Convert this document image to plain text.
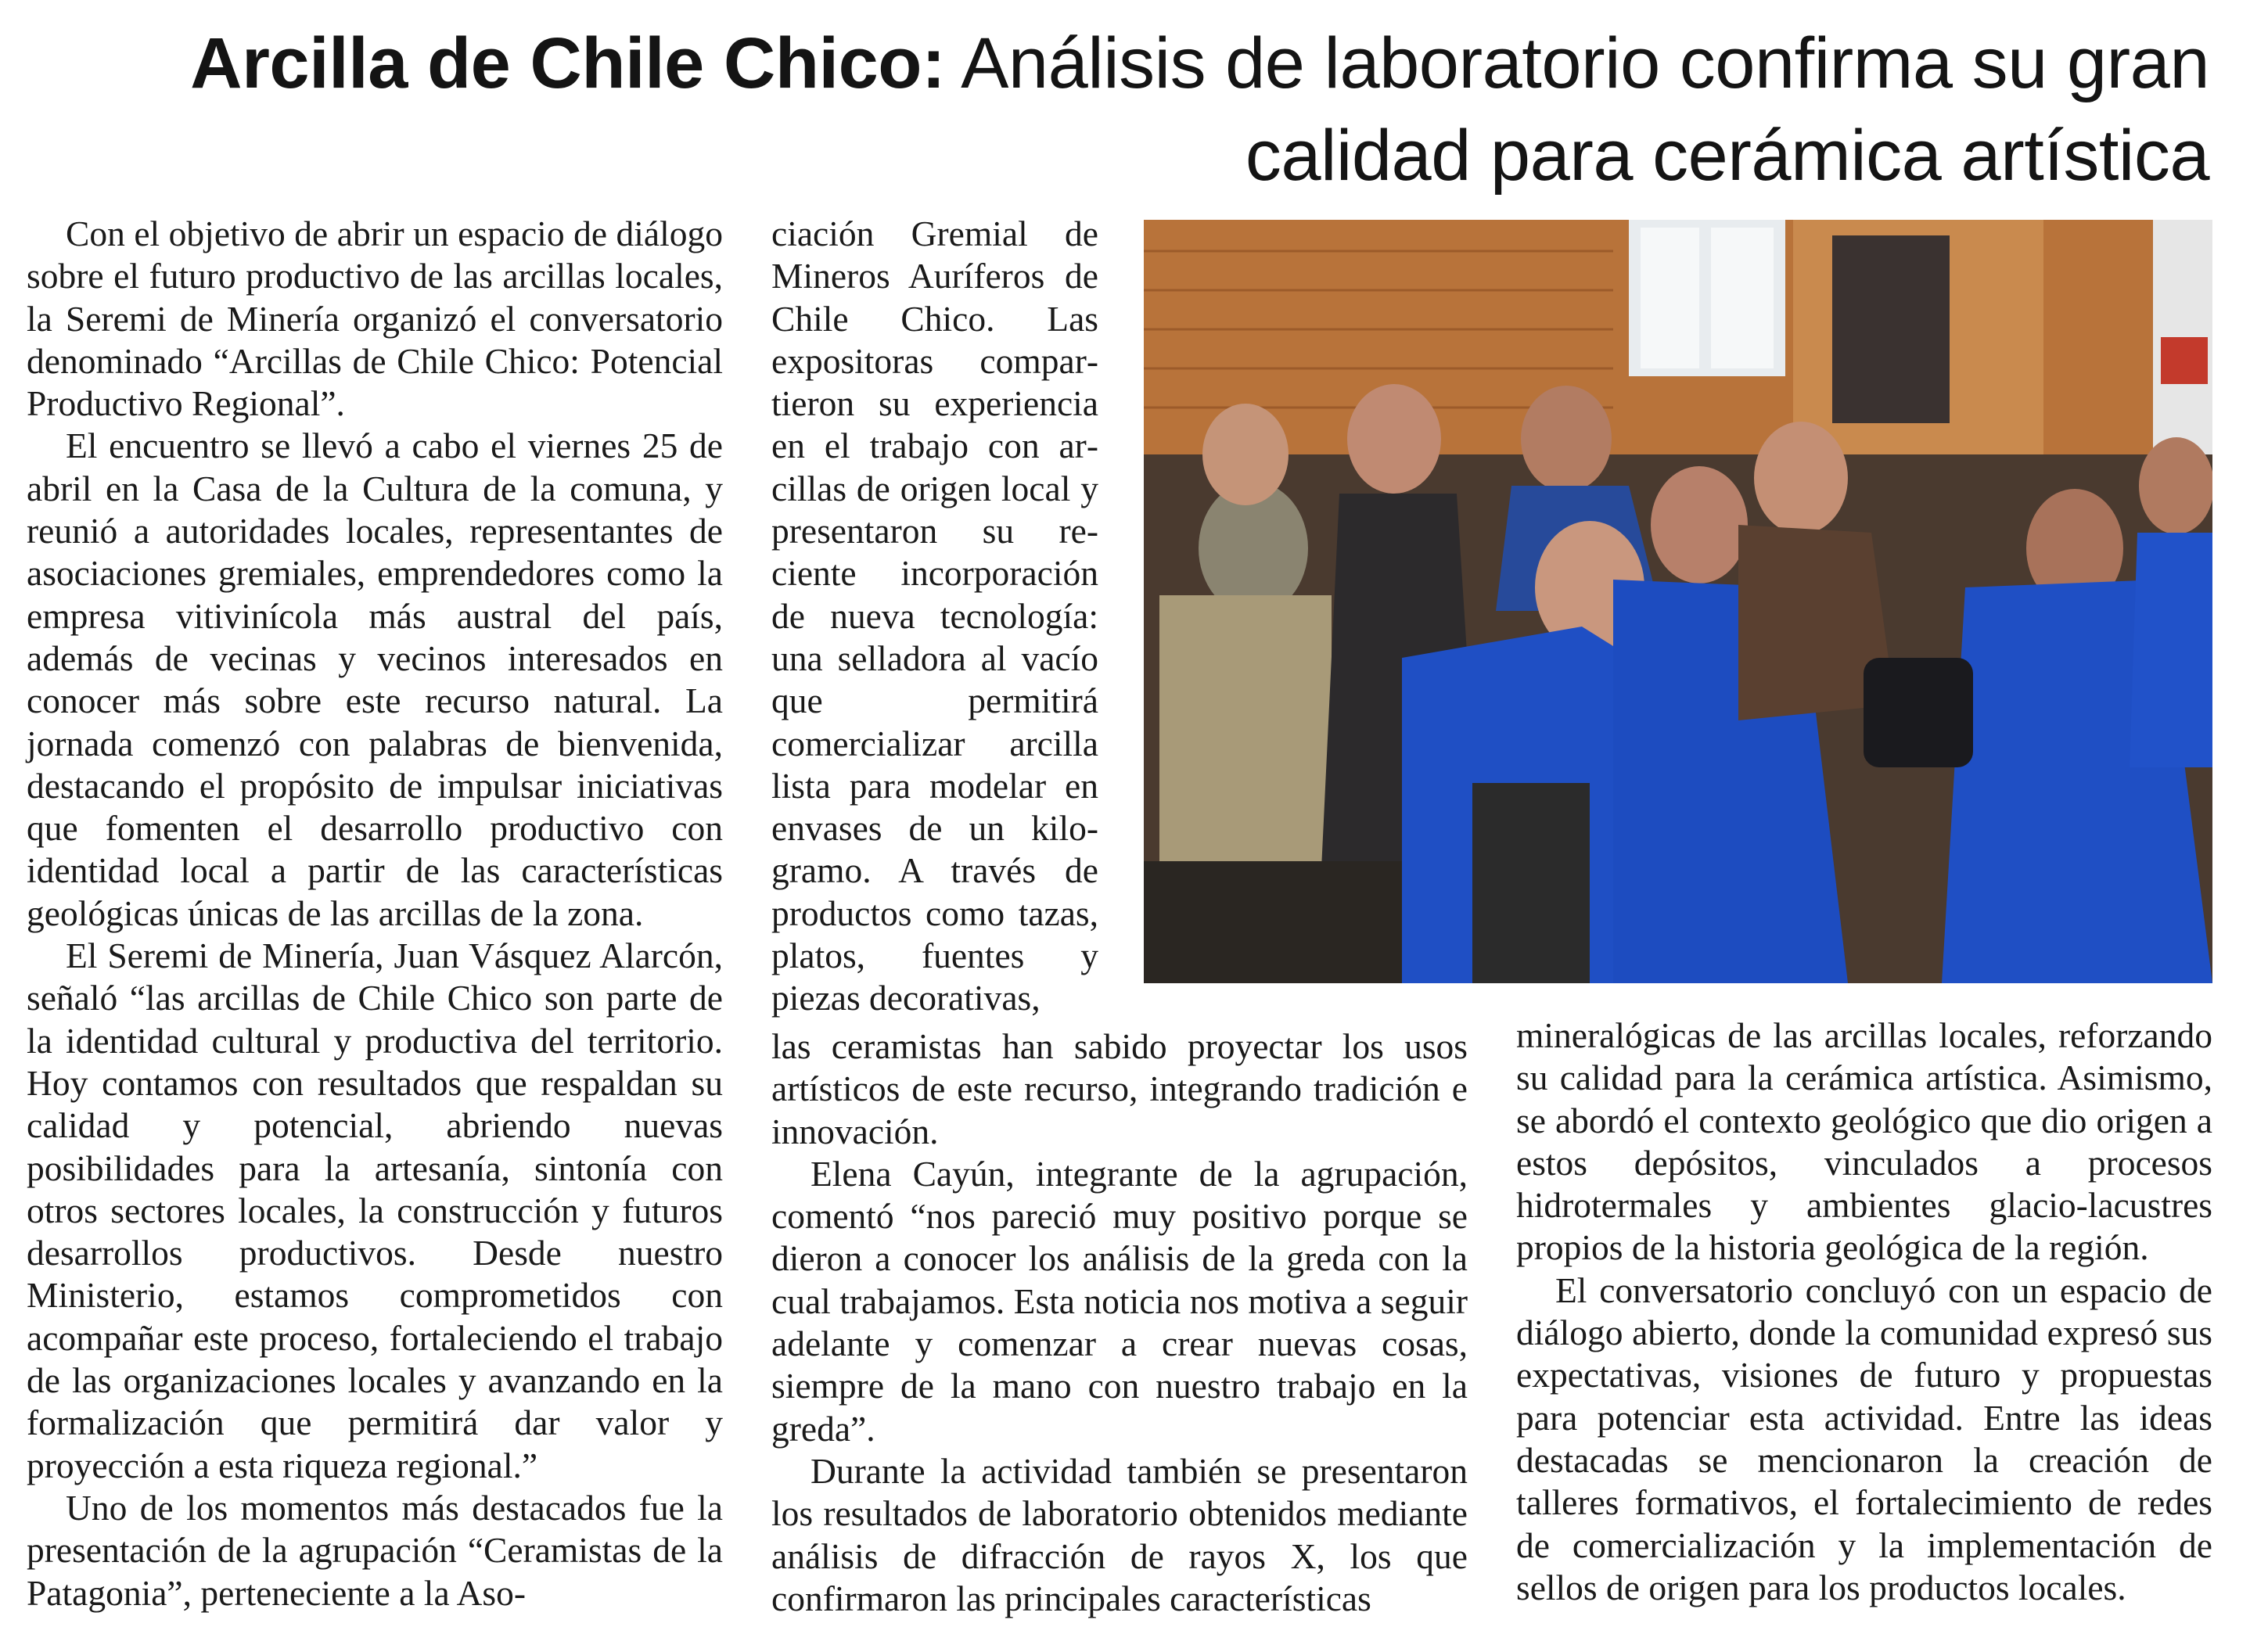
Arcilla de Chile Chico: Análisis de laboratorio confirma su gran calidad para cerámica artística

Con el objetivo de abrir un espacio de diálogo sobre el futuro productivo de las arcillas locales, la Seremi de Minería organizó el conversatorio denominado “Arcillas de Chile Chico: Potencial Productivo Regional”.

El encuentro se llevó a cabo el viernes 25 de abril en la Casa de la Cultura de la comuna, y reunió a autoridades locales, representantes de asociaciones gremiales, emprendedores como la empresa vitivinícola más austral del país, además de vecinas y vecinos interesados en conocer más sobre este recurso natural. La jornada comenzó con palabras de bienvenida, destacando el propósito de impulsar iniciativas que fomenten el desarrollo productivo con identidad local a partir de las características geológicas únicas de las arcillas de la zona.

El Seremi de Minería, Juan Vásquez Alarcón, señaló “las arcillas de Chile Chico son parte de la identidad cultural y productiva del territorio. Hoy contamos con resultados que respaldan su calidad y potencial, abriendo nuevas posibilidades para la artesanía, sintonía con otros sectores locales, la construcción y futuros desarrollos productivos. Desde nuestro Ministerio, estamos comprometidos con acompañar este proceso, fortaleciendo el trabajo de las organizaciones locales y avanzando en la formalización que permitirá dar valor y proyección a esta riqueza regional.”

Uno de los momentos más destacados fue la presentación de la agrupación “Ceramistas de la Patagonia”, perteneciente a la Aso-

ciación Gremial de Mineros Auríferos de Chile Chico. Las expositoras compartieron su experiencia en el trabajo con arcillas de origen local y presentaron su reciente incorporación de nueva tecnología: una selladora al vacío que permitirá comercializar arcilla lista para modelar en envases de un kilogramo. A través de productos como tazas, platos, fuentes y piezas decorativas,

las ceramistas han sabido proyectar los usos artísticos de este recurso, integrando tradición e innovación.

Elena Cayún, integrante de la agrupación, comentó “nos pareció muy positivo porque se dieron a conocer los análisis de la greda con la cual trabajamos. Esta noticia nos motiva a seguir adelante y comenzar a crear nuevas cosas, siempre de la mano con nuestro trabajo en la greda”.

Durante la actividad también se presentaron los resultados de laboratorio obtenidos mediante análisis de difracción de rayos X, los que confirmaron las principales características

mineralógicas de las arcillas locales, reforzando su calidad para la cerámica artística. Asimismo, se abordó el contexto geológico que dio origen a estos depósitos, vinculados a procesos hidrotermales y ambientes glacio-lacustres propios de la historia geológica de la región.

El conversatorio concluyó con un espacio de diálogo abierto, donde la comunidad expresó sus expectativas, visiones de futuro y propuestas para potenciar esta actividad. Entre las ideas destacadas se mencionaron la creación de talleres formativos, el fortalecimiento de redes de comercialización y la implementación de sellos de origen para los productos locales.
